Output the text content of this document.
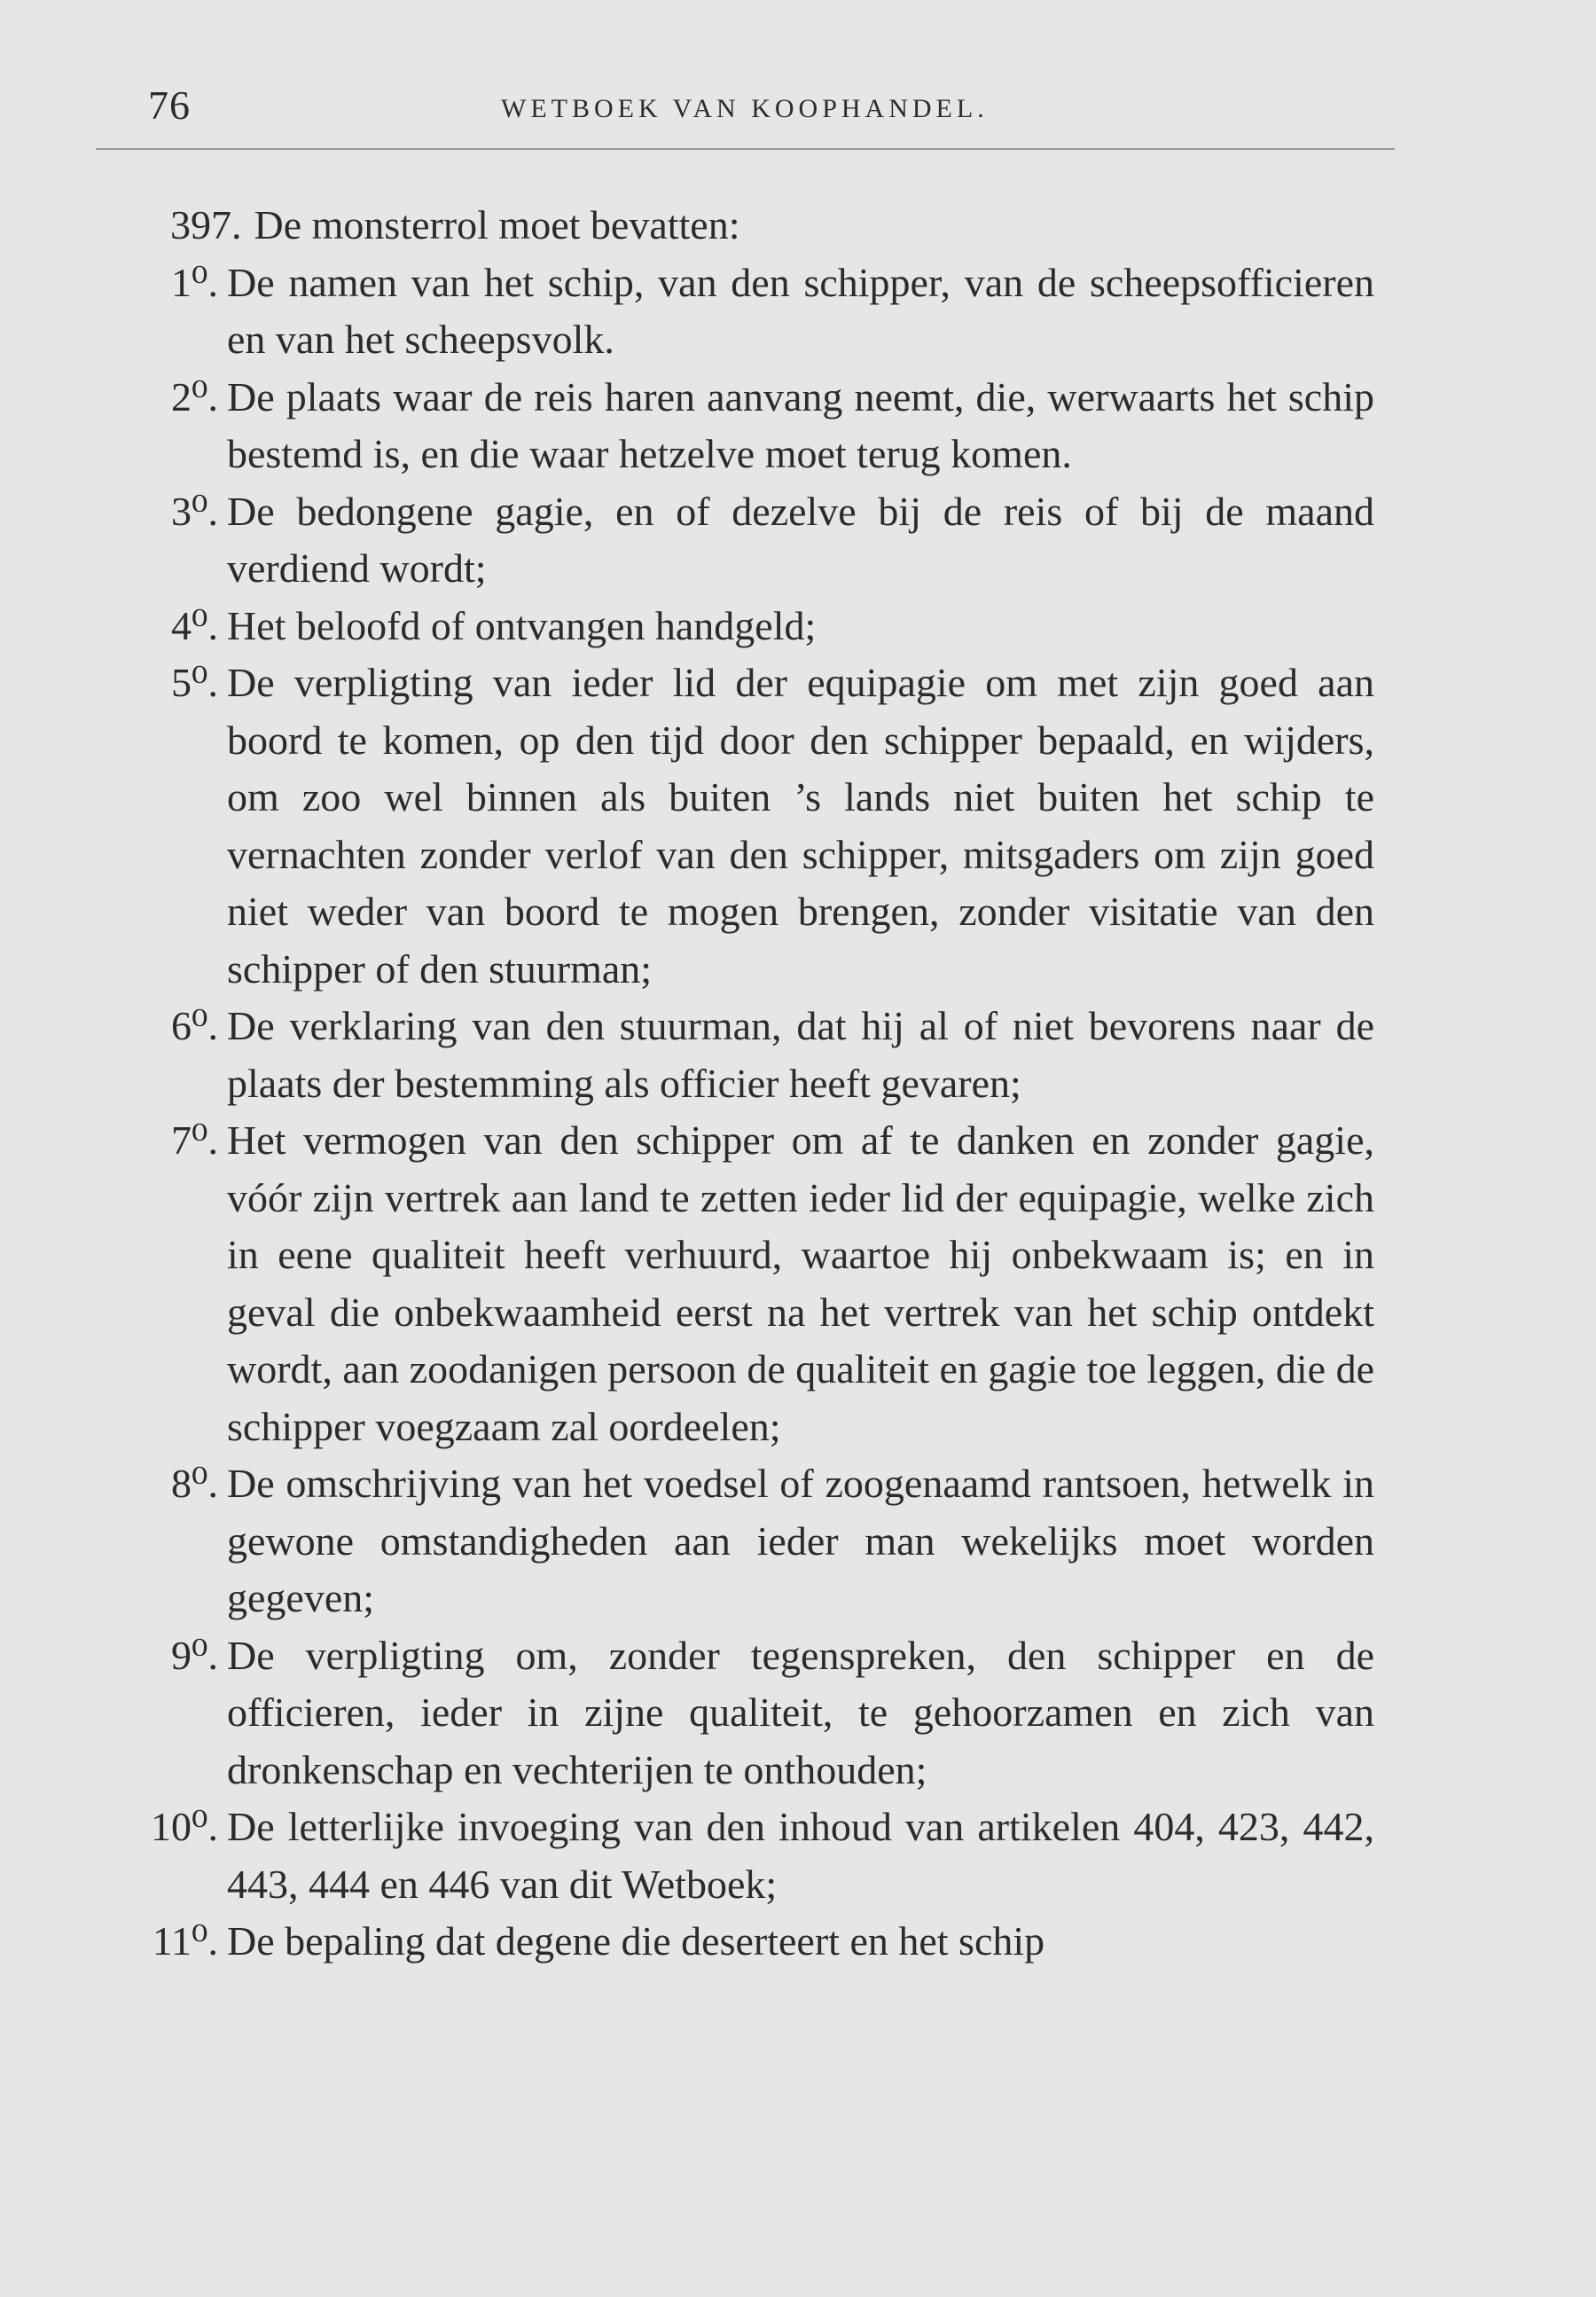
76	WETBOEK VAN KOOPHANDEL.
397. De monsterrol moet bevatten:
1⁰. De namen van het schip, van den schipper, van de scheepsofficieren en van het scheepsvolk.
2⁰. De plaats waar de reis haren aanvang neemt, die, werwaarts het schip bestemd is, en die waar hetzelve moet terug komen.
3⁰. De bedongene gagie, en of dezelve bij de reis of bij de maand verdiend wordt;
4⁰. Het beloofd of ontvangen handgeld;
5⁰. De verpligting van ieder lid der equipagie om met zijn goed aan boord te komen, op den tijd door den schipper bepaald, en wijders, om zoo wel binnen als buiten ’s lands niet buiten het schip te vernachten zonder verlof van den schipper, mitsgaders om zijn goed niet weder van boord te mogen brengen, zonder visitatie van den schipper of den stuurman;
6⁰. De verklaring van den stuurman, dat hij al of niet bevorens naar de plaats der bestemming als officier heeft gevaren;
7⁰. Het vermogen van den schipper om af te danken en zonder gagie, vóór zijn vertrek aan land te zetten ieder lid der equipagie, welke zich in eene qualiteit heeft verhuurd, waartoe hij onbekwaam is; en in geval die onbekwaamheid eerst na het vertrek van het schip ontdekt wordt, aan zoodanigen persoon de qualiteit en gagie toe leggen, die de schipper voegzaam zal oordeelen;
8⁰. De omschrijving van het voedsel of zoogenaamd rantsoen, hetwelk in gewone omstandigheden aan ieder man wekelijks moet worden gegeven;
9⁰. De verpligting om, zonder tegenspreken, den schipper en de officieren, ieder in zijne qualiteit, te gehoorzamen en zich van dronkenschap en vechterijen te onthouden;
10⁰. De letterlijke invoeging van den inhoud van artikelen 404, 423, 442, 443, 444 en 446 van dit Wetboek;
11⁰. De bepaling dat degene die deserteert en het schip
